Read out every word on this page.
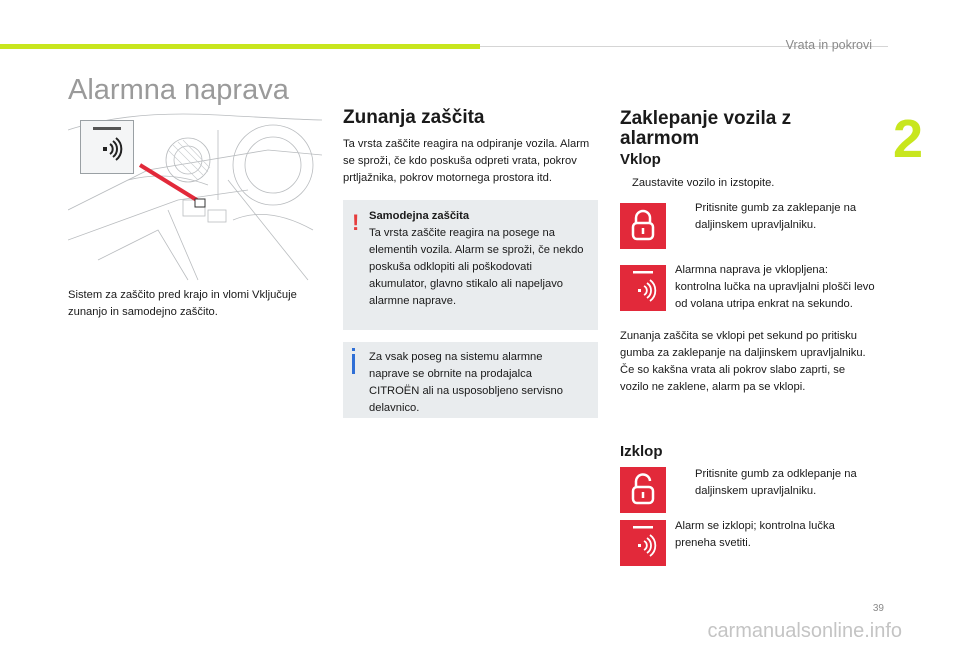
Vrata in pokrovi
2
Alarmna naprava
Sistem za zaščito pred krajo in vlomi Vključuje zunanjo in samodejno zaščito.
Zunanja zaščita
Ta vrsta zaščite reagira na odpiranje vozila. Alarm se sproži, če kdo poskuša odpreti vrata, pokrov prtljažnika, pokrov motornega prostora itd.
! Samodejna zaščita
Ta vrsta zaščite reagira na posege na elementih vozila. Alarm se sproži, če nekdo poskuša odklopiti ali poškodovati akumulator, glavno stikalo ali napeljavo alarmne naprave.
Za vsak poseg na sistemu alarmne naprave se obrnite na prodajalca CITROËN ali na usposobljeno servisno delavnico.
Zaklepanje vozila z alarmom
Vklop
Zaustavite vozilo in izstopite.
Pritisnite gumb za zaklepanje na daljinskem upravljalniku.
Alarmna naprava je vklopljena: kontrolna lučka na upravljalni plošči levo od volana utripa enkrat na sekundo.
Zunanja zaščita se vklopi pet sekund po pritisku gumba za zaklepanje na daljinskem upravljalniku. Če so kakšna vrata ali pokrov slabo zaprti, se vozilo ne zaklene, alarm pa se vklopi.
Izklop
Pritisnite gumb za odklepanje na daljinskem upravljalniku.
Alarm se izklopi; kontrolna lučka preneha svetiti.
39
carmanualsonline.info
